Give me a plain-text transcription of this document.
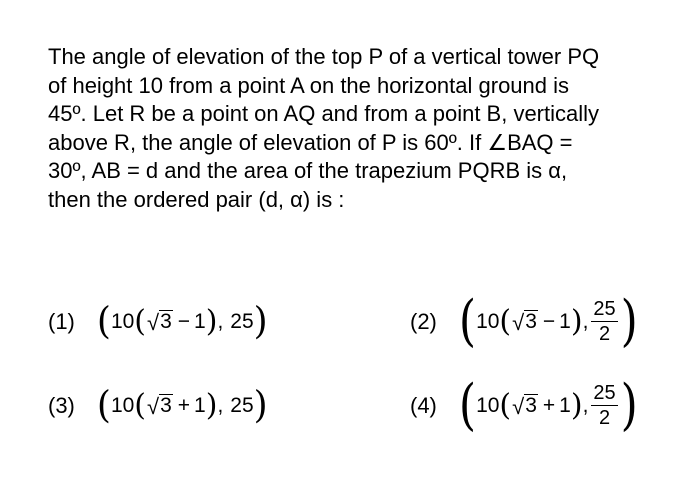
The angle of elevation of the top P of a vertical tower PQ
of height 10 from a point A on the horizontal ground is
45º. Let R be a point on AQ and from a point B, vertically
above R, the angle of elevation of P is 60º. If ∠BAQ =
30º, AB = d and the area of the trapezium PQRB is α,
then the ordered pair (d, α) is :
(1) ( 10 ( √ 3 − 1 ) , 25 )	(2) ( 10 ( √ 3 − 1 ) , $\frac{25}{2}$ )
(3) ( 10 ( √ 3 + 1 ) , 25 )	(4) ( 10 ( √ 3 + 1 ) , $\frac{25}{2}$ )
